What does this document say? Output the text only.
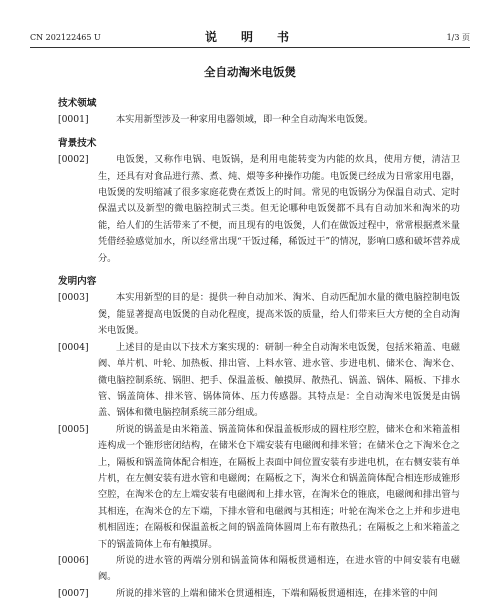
CN 202122465 U	说　明　书	1/3 页
全自动淘米电饭煲
技术领域
[0001]	本实用新型涉及一种家用电器领域，即一种全自动淘米电饭煲。
背景技术
[0002]	电饭煲，又称作电锅、电饭锅，是利用电能转变为内能的炊具，使用方便，清洁卫生，还具有对食品进行蒸、煮、炖、煨等多种操作功能。电饭煲已经成为日常家用电器，电饭煲的发明缩减了很多家庭花费在煮饭上的时间。常见的电饭锅分为保温自动式、定时保温式以及新型的微电脑控制式三类。但无论哪种电饭煲都不具有自动加米和淘米的功能，给人们的生活带来了不便，而且现有的电饭煲，人们在做饭过程中，常常根据煮米量凭借经验感觉加水，所以经常出现“干饭过稀，稀饭过干”的情况，影响口感和破坏营养成分。
发明内容
[0003]	本实用新型的目的是：提供一种自动加米、淘米、自动匹配加水量的微电脑控制电饭煲，能显著提高电饭煲的自动化程度，提高米饭的质量，给人们带来巨大方便的全自动淘米电饭煲。
[0004]	上述目的是由以下技术方案实现的：研制一种全自动淘米电饭煲，包括米箱盖、电磁阀、单片机、叶轮、加热板、排出管、上料水管、进水管、步进电机、储米仓、淘米仓、微电脑控制系统、锅胆、把手、保温盖板、触摸屏、散热孔、锅盖、锅体、隔板、下排水管、锅盖筒体、排米管、锅体筒体、压力传感器。其特点是：全自动淘米电饭煲是由锅盖、锅体和微电脑控制系统三部分组成。
[0005]	所说的锅盖是由米箱盖、锅盖筒体和保温盖板形成的圆柱形空腔，储米仓和米箱盖相连构成一个锥形密闭结构，在储米仓下端安装有电磁阀和排米管；在储米仓之下淘米仓之上，隔板和锅盖筒体配合相连，在隔板上表面中间位置安装有步进电机，在右侧安装有单片机，在左侧安装有进水管和电磁阀；在隔板之下，淘米仓和锅盖筒体配合相连形成锥形空腔，在淘米仓的左上端安装有电磁阀和上排水管，在淘米仓的锥底，电磁阀和排出管与其相连，在淘米仓的左下端，下排水管和电磁阀与其相连；叶轮在淘米仓之上并和步进电机相固连；在隔板和保温盖板之间的锅盖筒体圆周上布有散热孔；在隔板之上和米箱盖之下的锅盖筒体上布有触摸屏。
[0006]	所说的进水管的两端分别和锅盖筒体和隔板贯通相连，在进水管的中间安装有电磁阀。
[0007]	所说的排米管的上端和储米仓贯通相连，下端和隔板贯通相连，在排米管的中间
